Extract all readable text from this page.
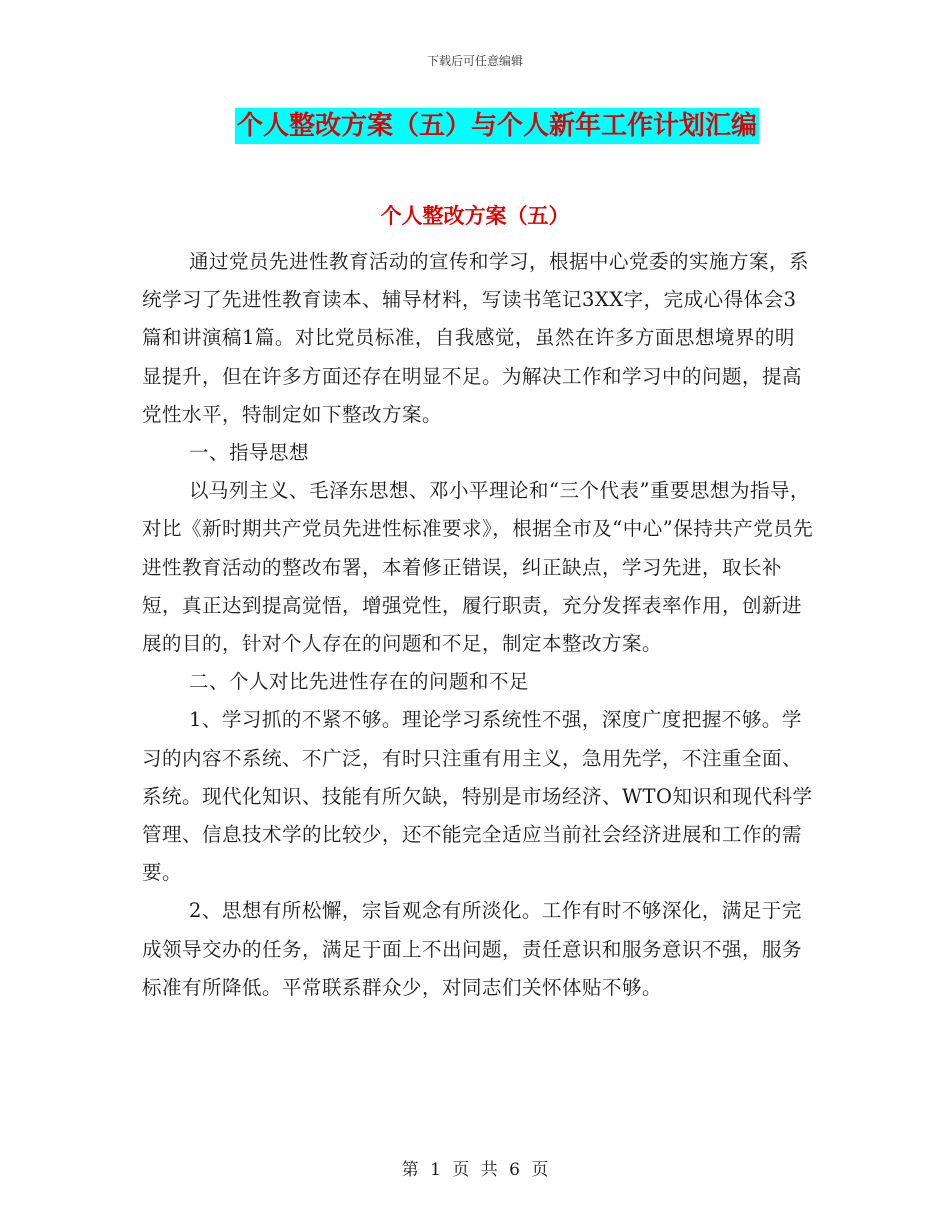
下载后可任意编辑
个人整改方案（五）与个人新年工作计划汇编
个人整改方案（五）

通过党员先进性教育活动的宣传和学习，根据中心党委的实施方案，系统学习了先进性教育读本、辅导材料，写读书笔记3XX字，完成心得体会3篇和讲演稿1篇。对比党员标准，自我感觉，虽然在许多方面思想境界的明显提升，但在许多方面还存在明显不足。为解决工作和学习中的问题，提高党性水平，特制定如下整改方案。

一、指导思想

以马列主义、毛泽东思想、邓小平理论和“三个代表”重要思想为指导，对比《新时期共产党员先进性标准要求》，根据全市及“中心”保持共产党员先进性教育活动的整改布署，本着修正错误，纠正缺点，学习先进，取长补短，真正达到提高觉悟，增强党性，履行职责，充分发挥表率作用，创新进展的目的，针对个人存在的问题和不足，制定本整改方案。

二、个人对比先进性存在的问题和不足

1、学习抓的不紧不够。理论学习系统性不强，深度广度把握不够。学习的内容不系统、不广泛，有时只注重有用主义，急用先学，不注重全面、系统。现代化知识、技能有所欠缺，特别是市场经济、WTO知识和现代科学管理、信息技术学的比较少，还不能完全适应当前社会经济进展和工作的需要。

2、思想有所松懈，宗旨观念有所淡化。工作有时不够深化，满足于完成领导交办的任务，满足于面上不出问题，责任意识和服务意识不强，服务标准有所降低。平常联系群众少，对同志们关怀体贴不够。

第 1 页 共 6 页
